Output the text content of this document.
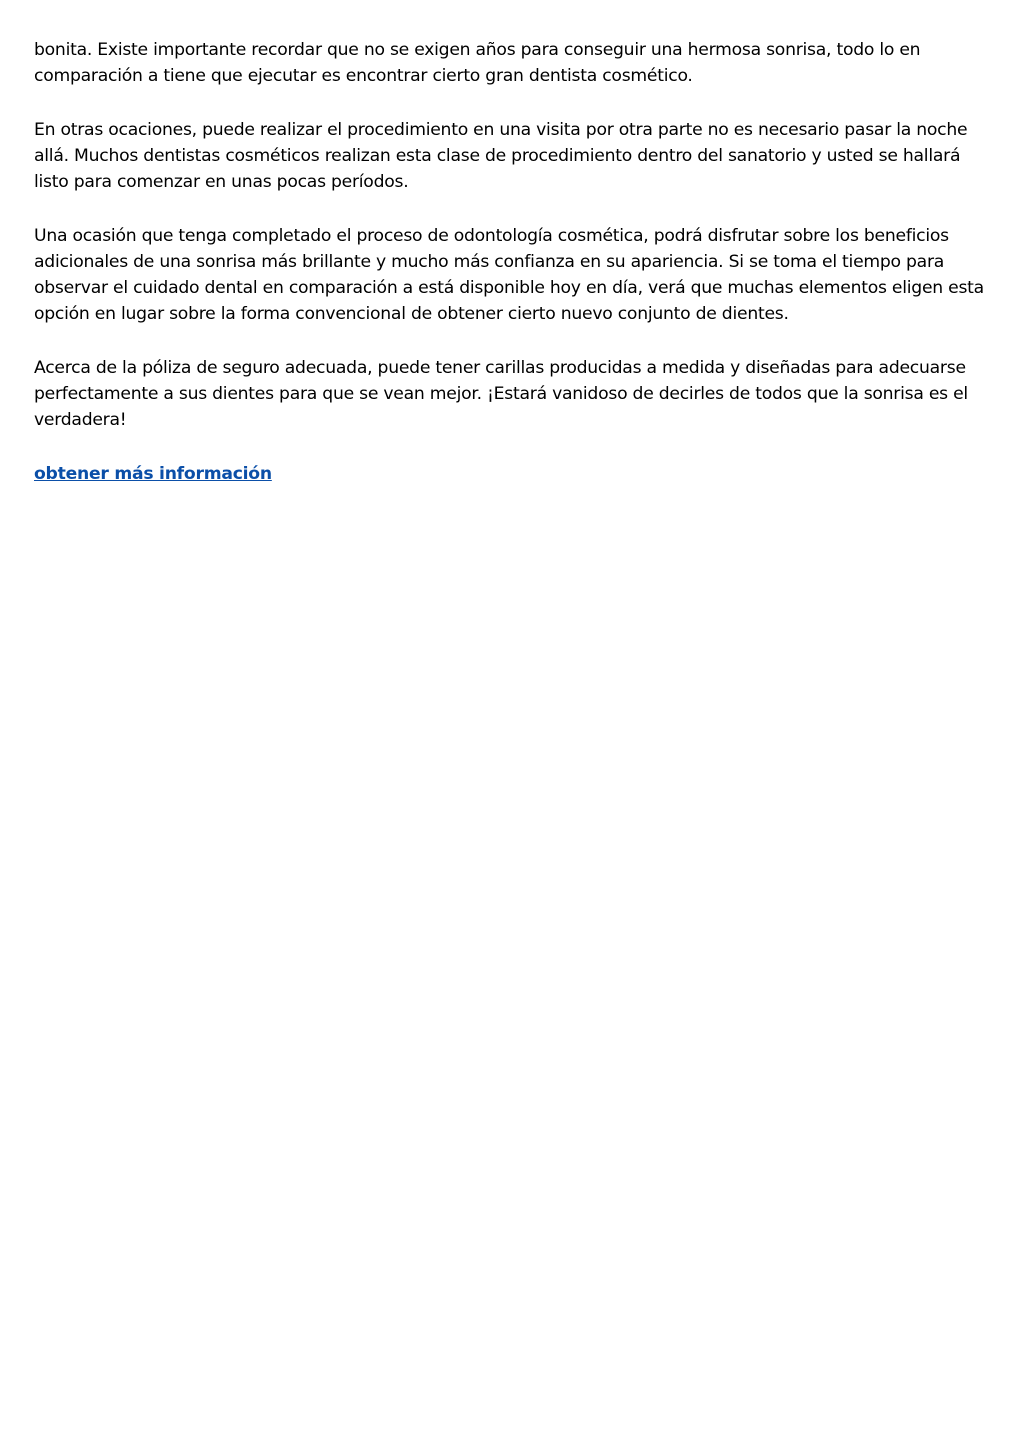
bonita. Existe importante recordar que no se exigen años para conseguir una hermosa sonrisa, todo lo en comparación a tiene que ejecutar es encontrar cierto gran dentista cosmético.

En otras ocaciones, puede realizar el procedimiento en una visita por otra parte no es necesario pasar la noche allá. Muchos dentistas cosméticos realizan esta clase de procedimiento dentro del sanatorio y usted se hallará listo para comenzar en unas pocas períodos.

Una ocasión que tenga completado el proceso de odontología cosmética, podrá disfrutar sobre los beneficios adicionales de una sonrisa más brillante y mucho más confianza en su apariencia. Si se toma el tiempo para observar el cuidado dental en comparación a está disponible hoy en día, verá que muchas elementos eligen esta opción en lugar sobre la forma convencional de obtener cierto nuevo conjunto de dientes.

Acerca de la póliza de seguro adecuada, puede tener carillas producidas a medida y diseñadas para adecuarse perfectamente a sus dientes para que se vean mejor. ¡Estará vanidoso de decirles de todos que la sonrisa es el verdadera!

obtener más información
